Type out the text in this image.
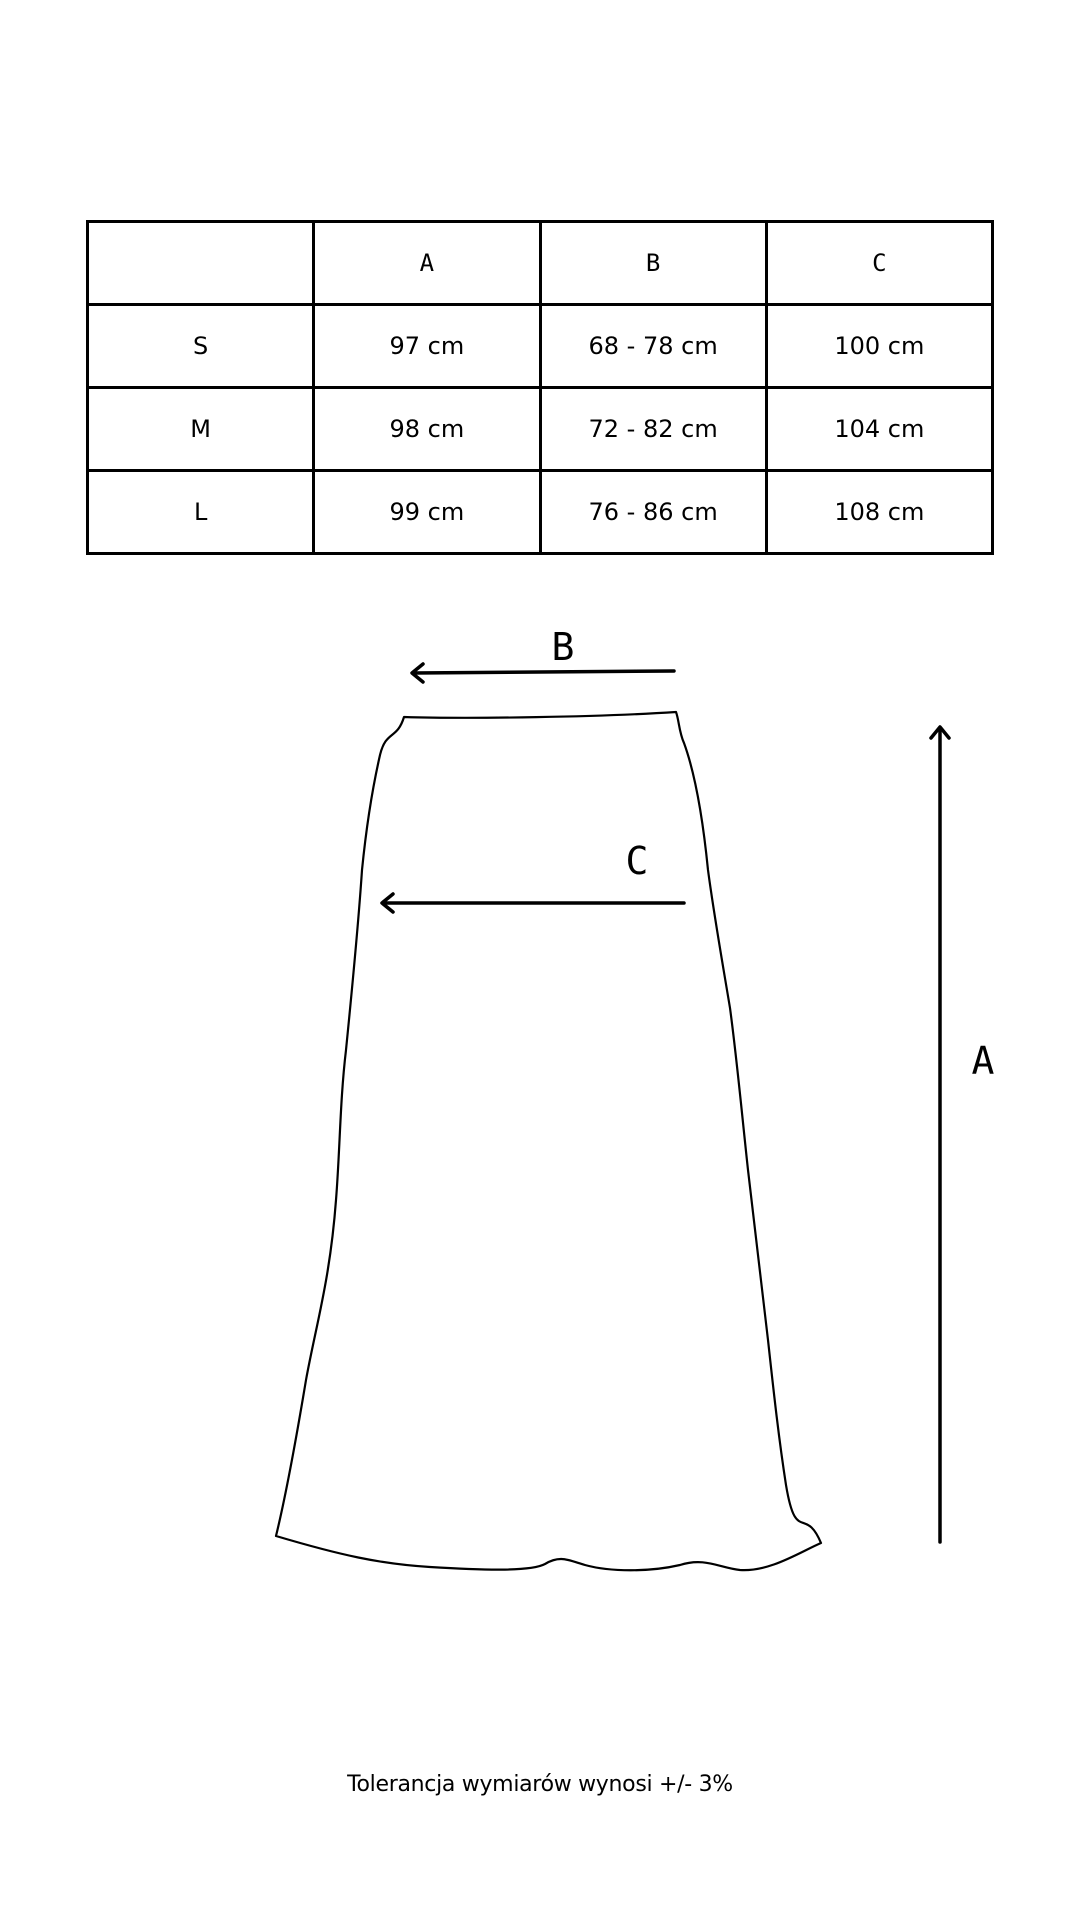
	A	B	C
S	97 cm	68 - 78 cm	100 cm
M	98 cm	72 - 82 cm	104 cm
L	99 cm	76 - 86 cm	108 cm
B
C
A
Tolerancja wymiarów wynosi +/- 3%
